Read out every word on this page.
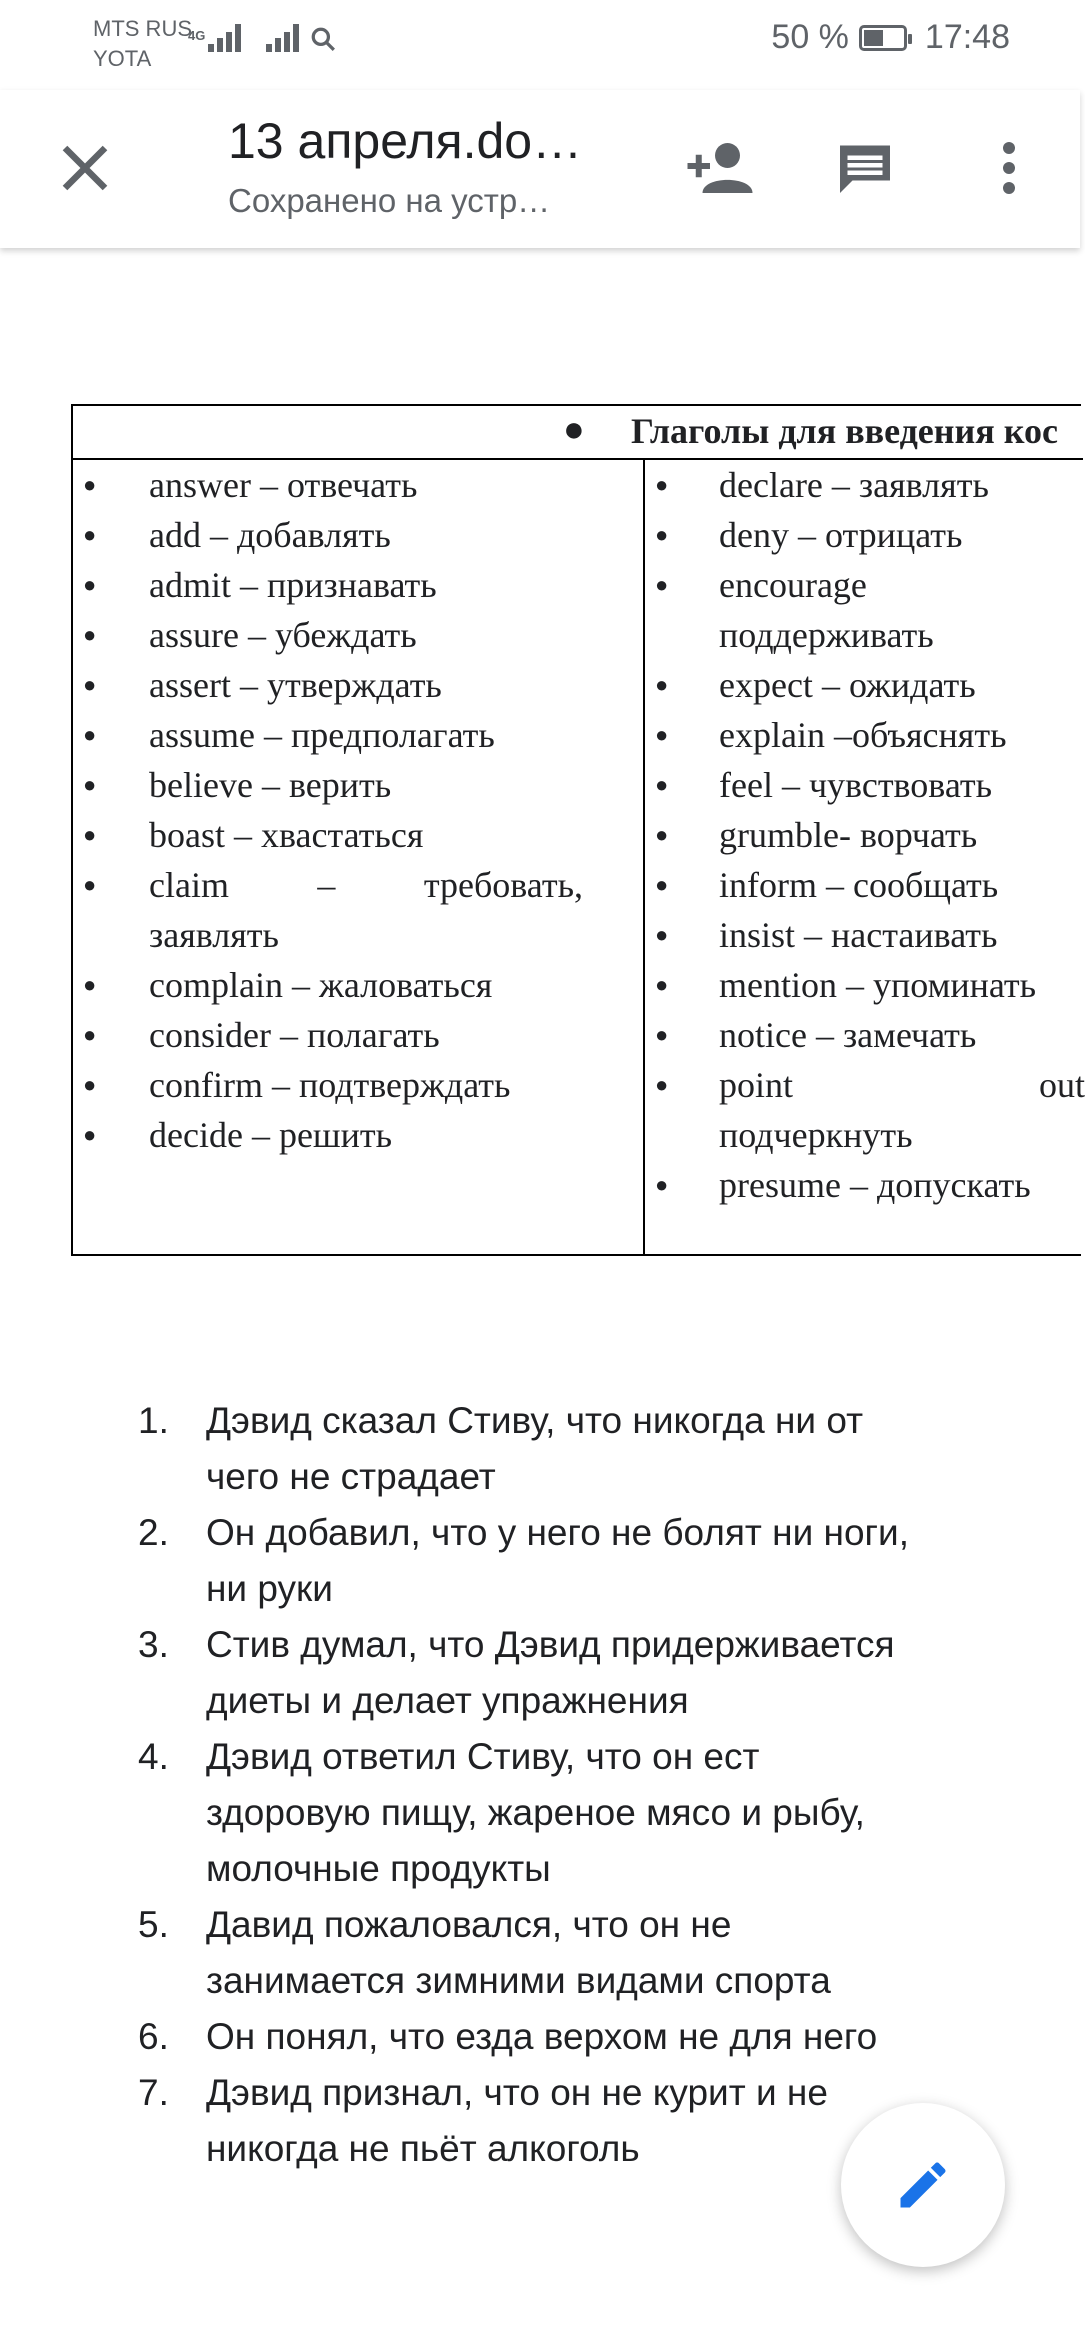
MTS RUS
YOTA
4G	50 % 17:48
13 апреля.do…
Сохранено на устр…
● Глаголы для введения кос
● answer – отвечать
● add – добавлять
● admit – признавать
● assure – убеждать
● assert – утверждать
● assume – предполагать
● believe – верить
● boast – хвастаться
● claim – требовать,
заявлять
● complain – жаловаться
● consider – полагать
● confirm – подтверждать
● decide – решить
● declare – заявлять
● deny – отрицать
● encourage
поддерживать
● expect – ожидать
● explain –объяснять
● feel – чувствовать
● grumble- ворчать
● inform – сообщать
● insist – настаивать
● mention – упоминать
● notice – замечать
● point	out
подчеркнуть
● presume – допускать
1. Дэвид сказал Стиву, что никогда ни от
чего не страдает
2. Он добавил, что у него не болят ни ноги,
ни руки
3. Стив думал, что Дэвид придерживается
диеты и делает упражнения
4. Дэвид ответил Стиву, что он ест
здоровую пищу, жареное мясо и рыбу,
молочные продукты
5. Давид пожаловался, что он не
занимается зимними видами спорта
6. Он понял, что езда верхом не для него
7. Дэвид признал, что он не курит и не
никогда не пьёт алкоголь
